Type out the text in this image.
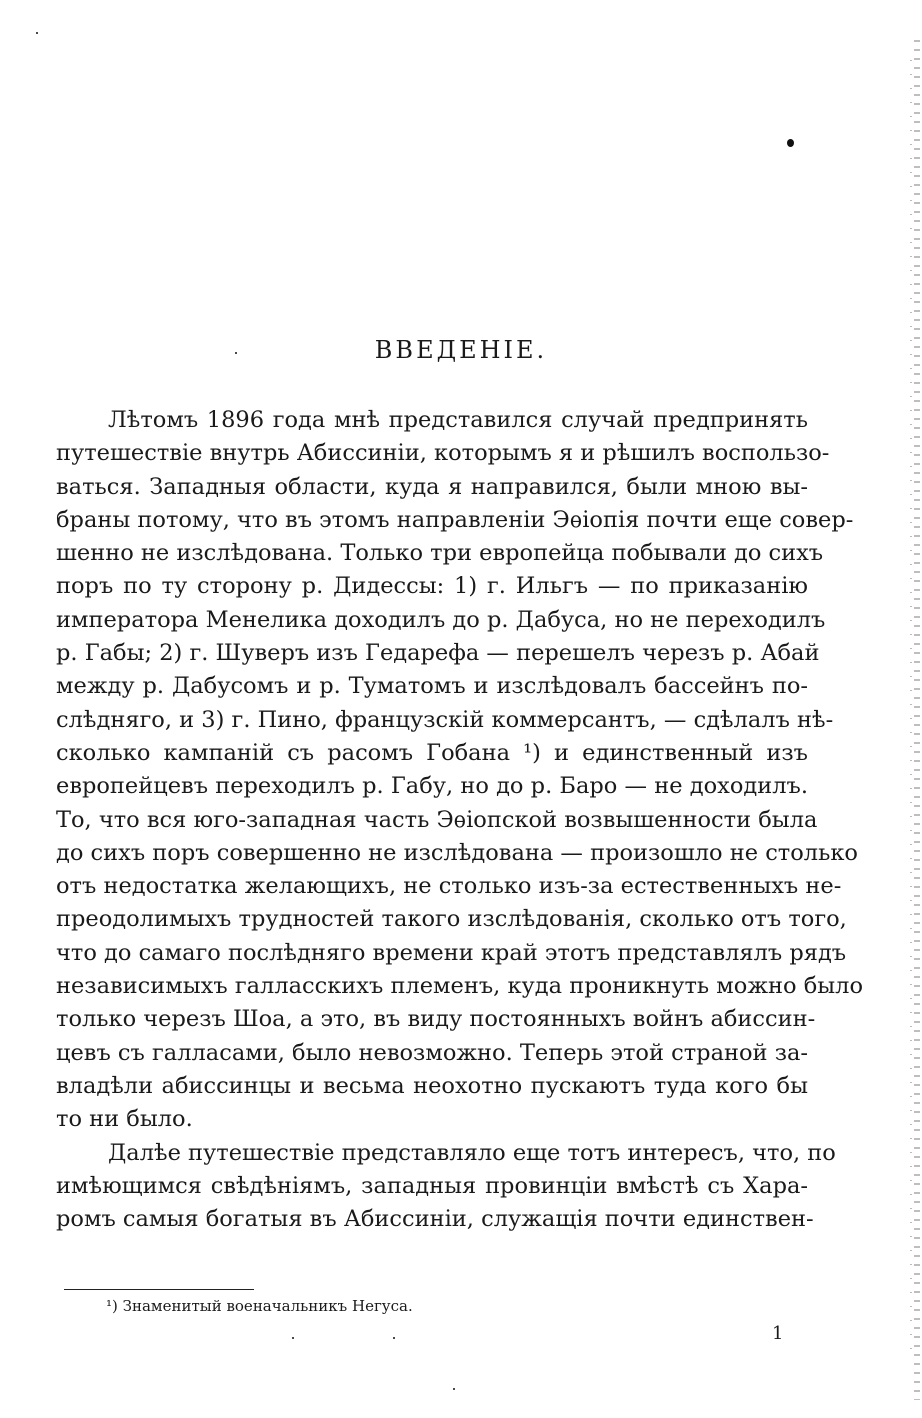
ВВЕДЕНІЕ.
Лѣтомъ 1896 года мнѣ представился случай предпринять
путешествіе внутрь Абиссиніи, которымъ я и рѣшилъ воспользо-
ваться. Западныя области, куда я направился, были мною вы-
браны потому, что въ этомъ направленіи Эѳіопія почти еще совер-
шенно не изслѣдована. Только три европейца побывали до сихъ
поръ по ту сторону р. Дидессы: 1) г. Ильгъ — по приказанію
императора Менелика доходилъ до р. Дабуса, но не переходилъ
р. Габы; 2) г. Шуверъ изъ Гедарефа — перешелъ черезъ р. Абай
между р. Дабусомъ и р. Туматомъ и изслѣдовалъ бассейнъ по-
слѣдняго, и 3) г. Пино, французскій коммерсантъ, — сдѣлалъ нѣ-
сколько кампаній съ расомъ Гобана ¹) и единственный изъ
европейцевъ переходилъ р. Габу, но до р. Баро — не доходилъ.
То, что вся юго-западная часть Эѳіопской возвышенности была
до сихъ поръ совершенно не изслѣдована — произошло не столько
отъ недостатка желающихъ, не столько изъ-за естественныхъ не-
преодолимыхъ трудностей такого изслѣдованія, сколько отъ того,
что до самаго послѣдняго времени край этотъ представлялъ рядъ
независимыхъ галласскихъ племенъ, куда проникнуть можно было
только черезъ Шоа, а это, въ виду постоянныхъ войнъ абиссин-
цевъ съ галласами, было невозможно. Теперь этой страной за-
владѣли абиссинцы и весьма неохотно пускаютъ туда кого бы
то ни было.
Далѣе путешествіе представляло еще тотъ интересъ, что, по
имѣющимся свѣдѣніямъ, западныя провинціи вмѣстѣ съ Хара-
ромъ самыя богатыя въ Абиссиніи, служащія почти единствен-
¹) Знаменитый военачальникъ Негуса.
1
